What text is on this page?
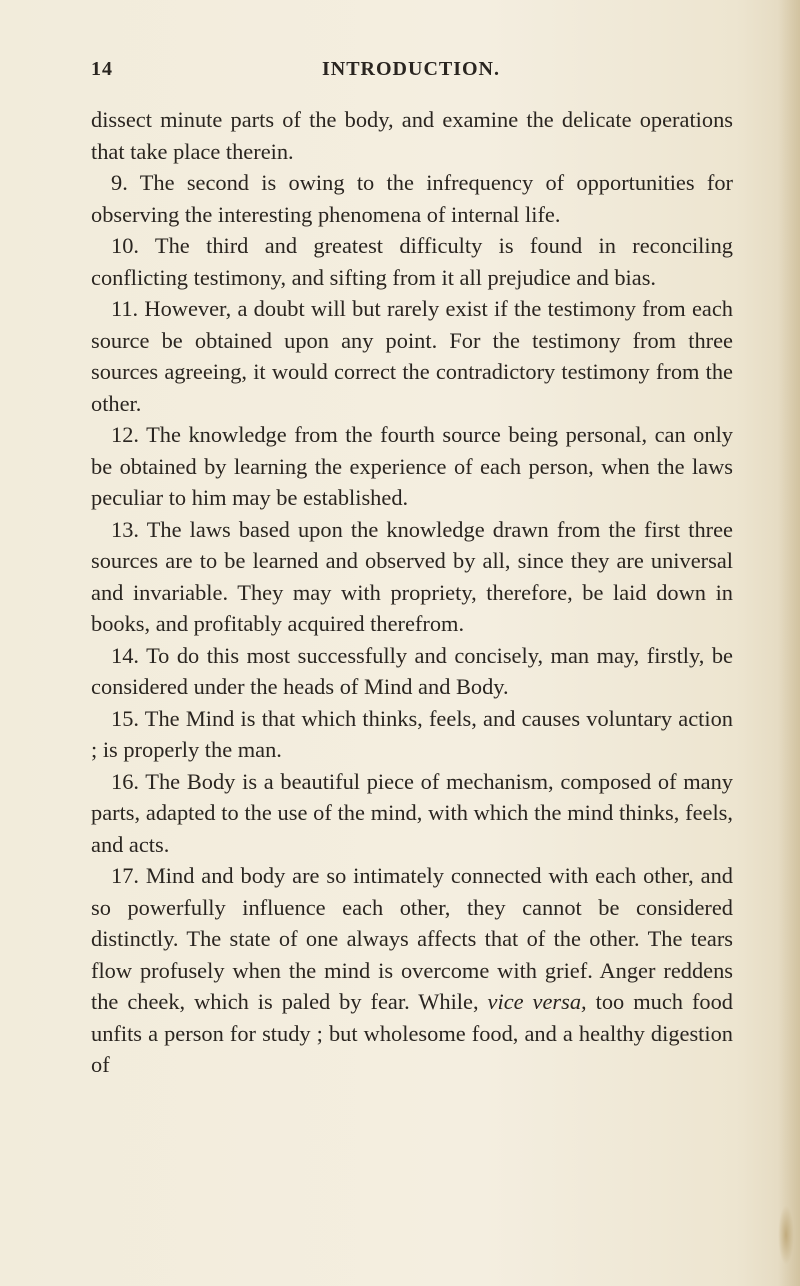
14	INTRODUCTION.

dissect minute parts of the body, and examine the delicate operations that take place therein.

9. The second is owing to the infrequency of opportunities for observing the interesting phenomena of internal life.

10. The third and greatest difficulty is found in reconciling conflicting testimony, and sifting from it all prejudice and bias.

11. However, a doubt will but rarely exist if the testimony from each source be obtained upon any point. For the testimony from three sources agreeing, it would correct the contradictory testimony from the other.

12. The knowledge from the fourth source being personal, can only be obtained by learning the experience of each person, when the laws peculiar to him may be established.

13. The laws based upon the knowledge drawn from the first three sources are to be learned and observed by all, since they are universal and invariable. They may with propriety, therefore, be laid down in books, and profitably acquired therefrom.

14. To do this most successfully and concisely, man may, firstly, be considered under the heads of Mind and Body.

15. The Mind is that which thinks, feels, and causes voluntary action ; is properly the man.

16. The Body is a beautiful piece of mechanism, composed of many parts, adapted to the use of the mind, with which the mind thinks, feels, and acts.

17. Mind and body are so intimately connected with each other, and so powerfully influence each other, they cannot be considered distinctly. The state of one always affects that of the other. The tears flow profusely when the mind is overcome with grief. Anger reddens the cheek, which is paled by fear. While, vice versa, too much food unfits a person for study ; but wholesome food, and a healthy digestion of
